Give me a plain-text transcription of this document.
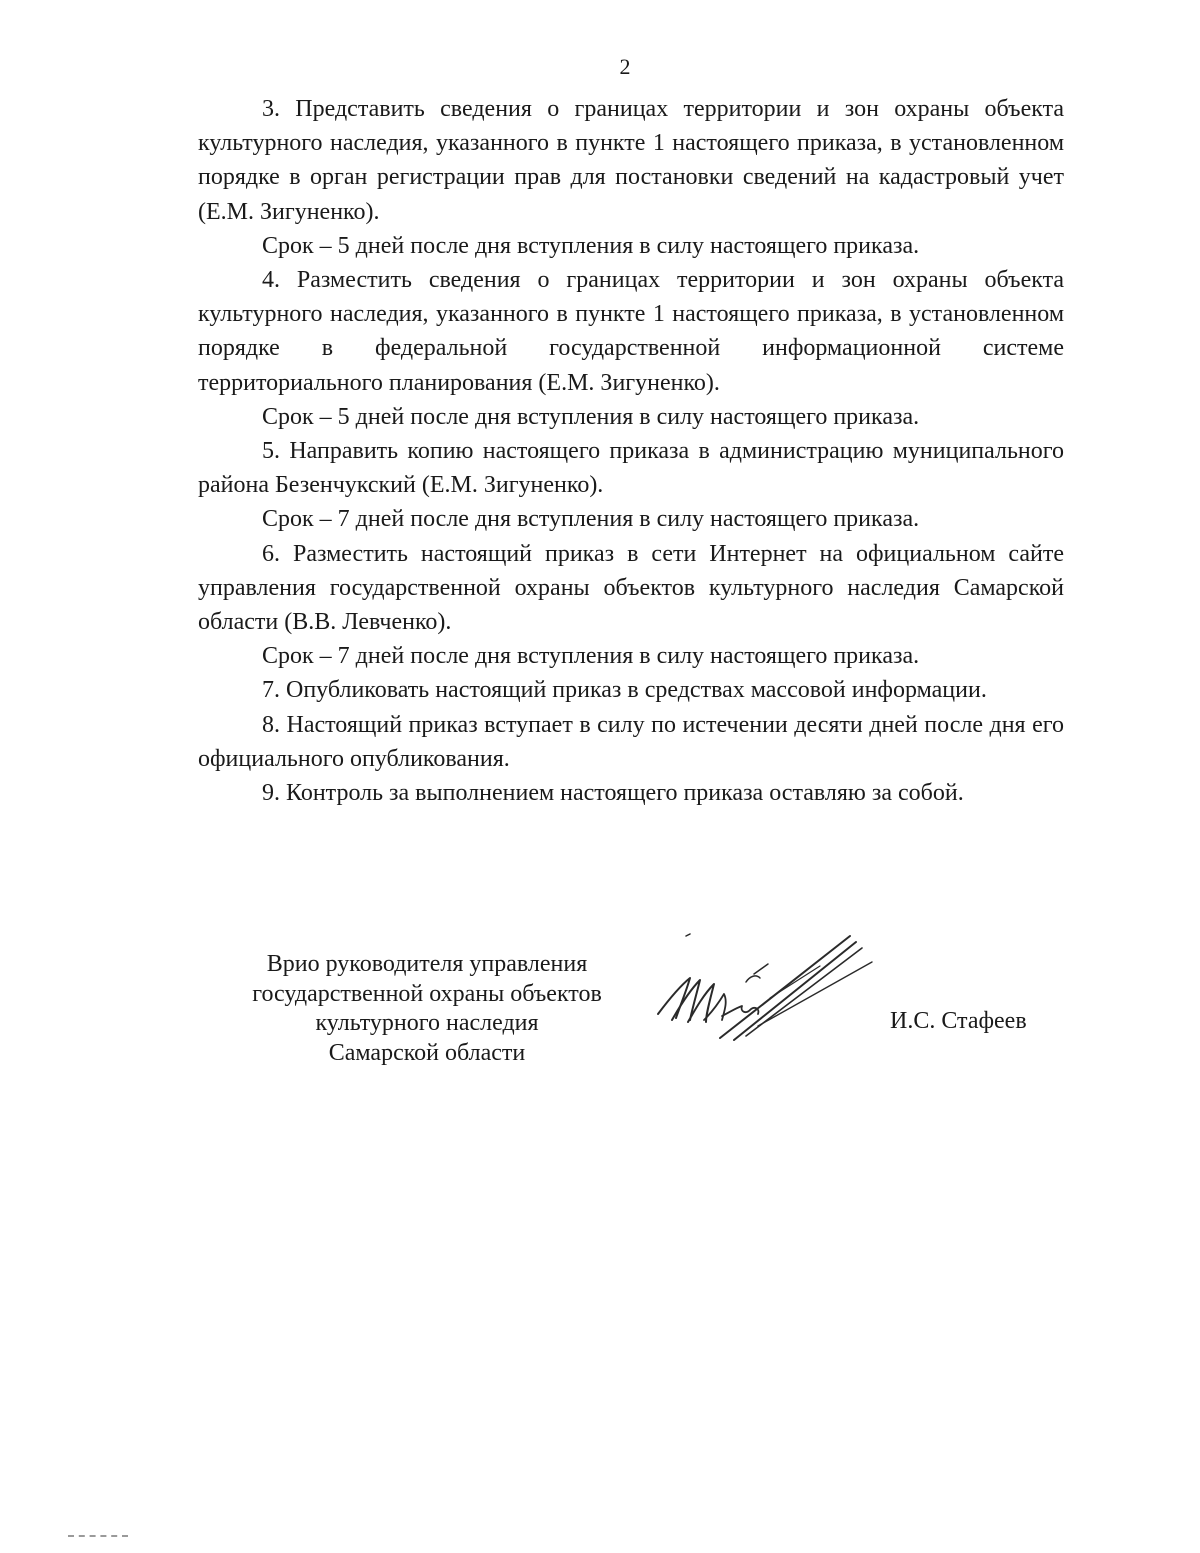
2

3. Представить сведения о границах территории и зон охраны объекта культурного наследия, указанного в пункте 1 настоящего приказа, в установленном порядке в орган регистрации прав для постановки сведений на кадастровый учет (Е.М. Зигуненко).

Срок – 5 дней после дня вступления в силу настоящего приказа.

4. Разместить сведения о границах территории и зон охраны объекта культурного наследия, указанного в пункте 1 настоящего приказа, в установленном порядке в федеральной государственной информационной системе территориального планирования (Е.М. Зигуненко).

Срок – 5 дней после дня вступления в силу настоящего приказа.

5. Направить копию настоящего приказа в администрацию муниципального района Безенчукский (Е.М. Зигуненко).

Срок – 7 дней после дня вступления в силу настоящего приказа.

6. Разместить настоящий приказ в сети Интернет на официальном сайте управления государственной охраны объектов культурного наследия Самарской области (В.В. Левченко).

Срок – 7 дней после дня вступления в силу настоящего приказа.

7. Опубликовать настоящий приказ в средствах массовой информации.

8. Настоящий приказ вступает в силу по истечении десяти дней после дня его официального опубликования.

9. Контроль за выполнением настоящего приказа оставляю за собой.

Врио руководителя управления
государственной охраны объектов
культурного наследия
Самарской области
И.С. Стафеев
